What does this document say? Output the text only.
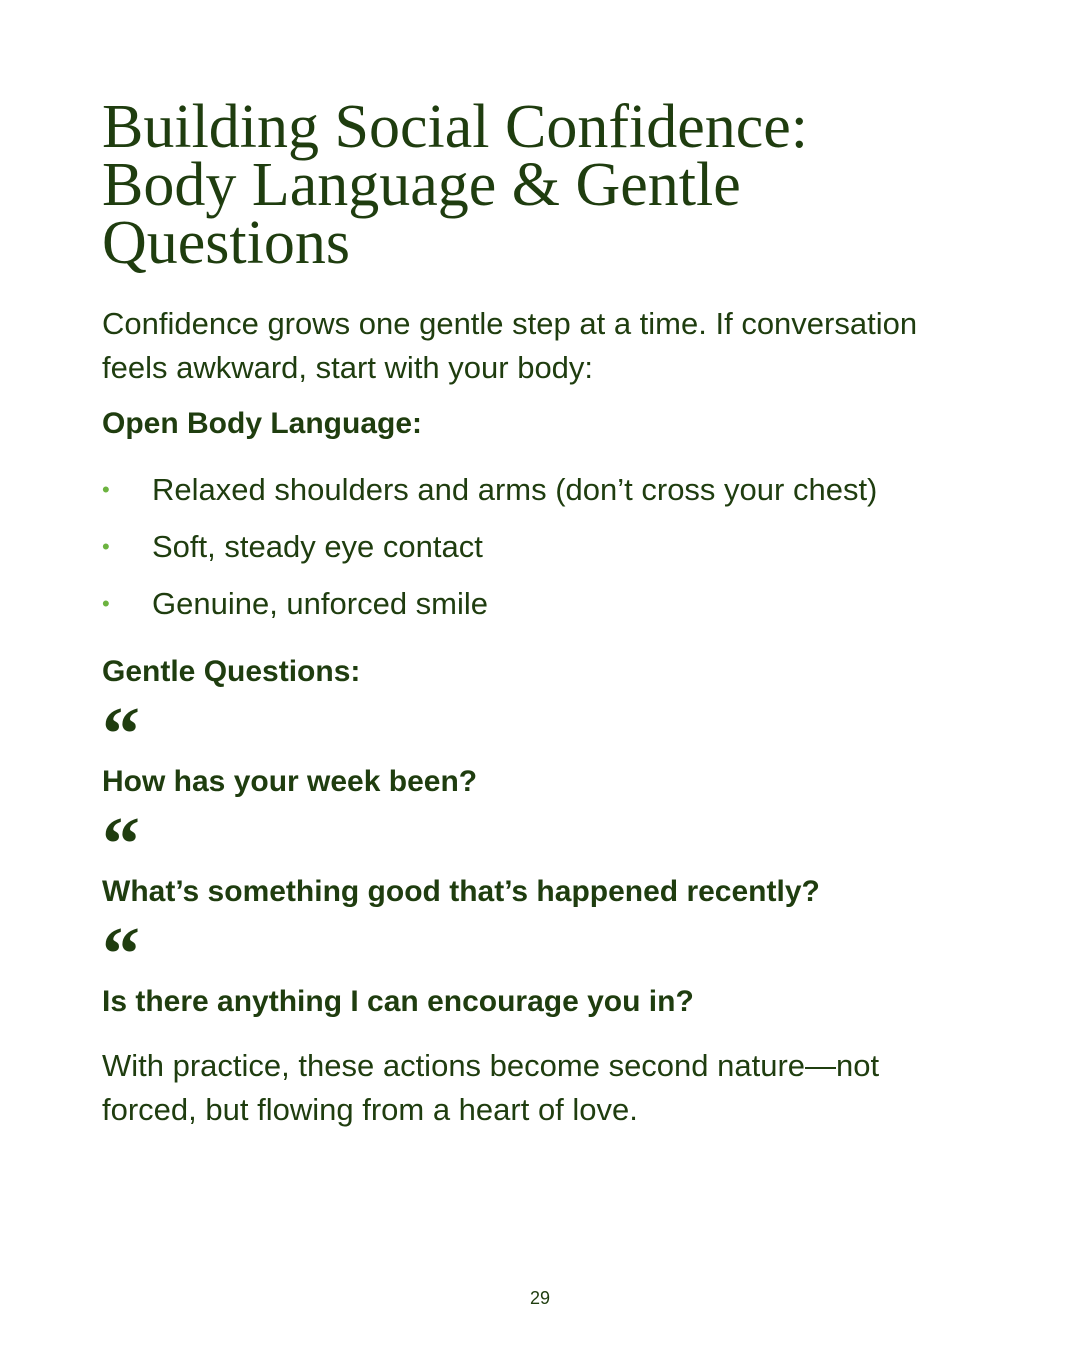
Building Social Confidence:
Body Language & Gentle
Questions

Confidence grows one gentle step at a time. If conversation feels awkward, start with your body:

Open Body Language:
• Relaxed shoulders and arms (don’t cross your chest)
• Soft, steady eye contact
• Genuine, unforced smile
Gentle Questions:
“
How has your week been?
“
What’s something good that’s happened recently?
“
Is there anything I can encourage you in?

With practice, these actions become second nature—not forced, but flowing from a heart of love.

29
